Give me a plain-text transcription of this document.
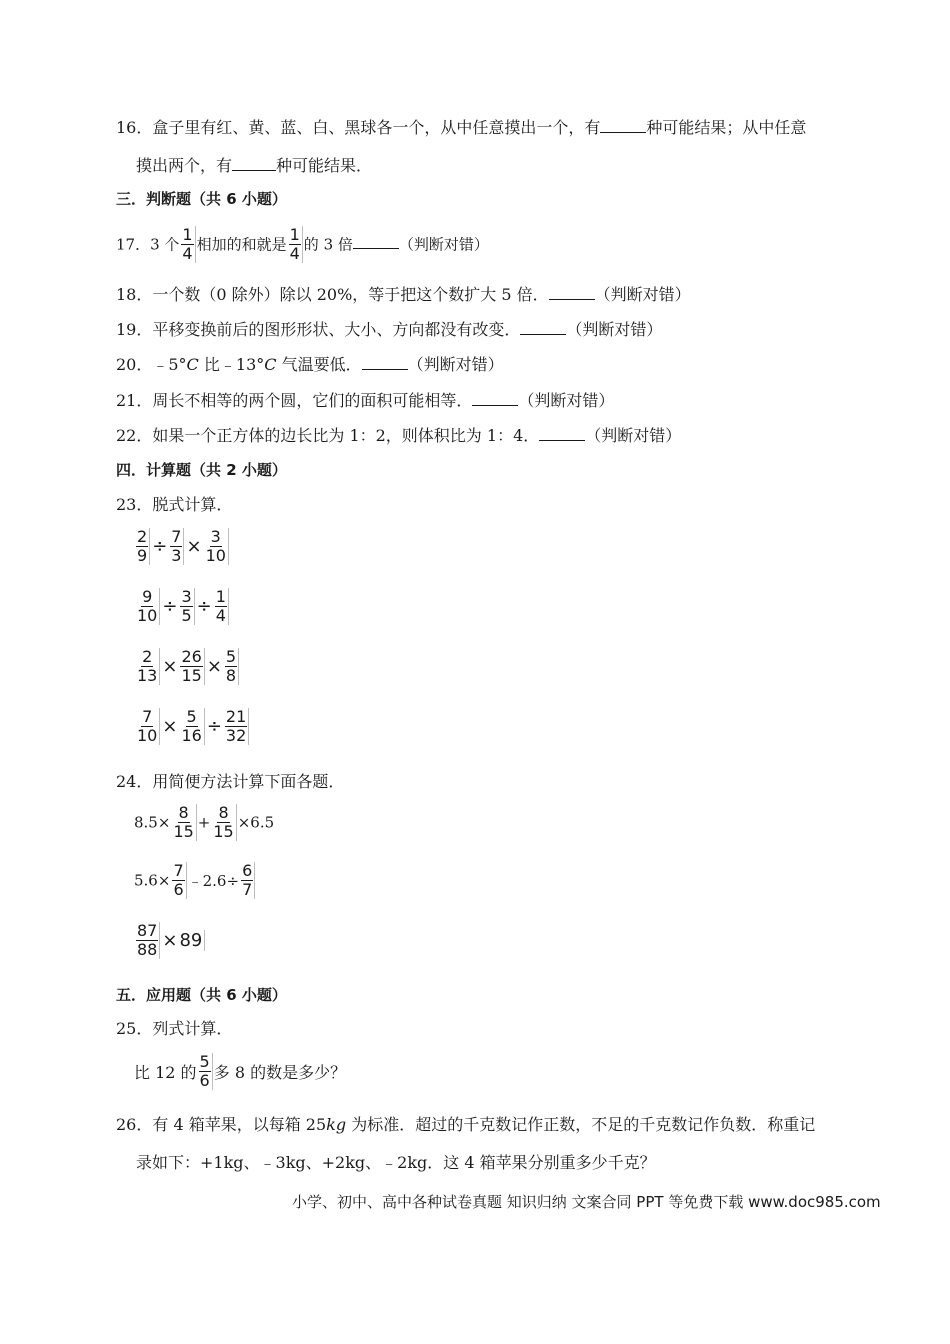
16．盒子里有红、黄、蓝、白、黑球各一个，从中任意摸出一个，有	种可能结果；从中任意
摸出两个，有	种可能结果．
三．判断题（共 6 小题）
17．3 个 $\frac{1}{4}$ 相加的和就是 $\frac{1}{4}$ 的 3 倍	（判断对错）
18．一个数（0 除外）除以 20%，等于把这个数扩大 5 倍．	（判断对错）
19．平移变换前后的图形形状、大小、方向都没有改变．	（判断对错）
20．﹣5°C 比﹣13°C 气温要低．	（判断对错）
21．周长不相等的两个圆，它们的面积可能相等．	（判断对错）
22．如果一个正方体的边长比为 1：2，则体积比为 1：4．	（判断对错）
四．计算题（共 2 小题）
23．脱式计算．
$\frac{2}{9} \div \frac{7}{3} \times \frac{3}{10}$
$\frac{9}{10} \div \frac{3}{5} \div \frac{1}{4}$
$\frac{2}{13} \times \frac{26}{15} \times \frac{5}{8}$
$\frac{7}{10} \times \frac{5}{16} \div \frac{21}{32}$
24．用简便方法计算下面各题．
$8.5\times \frac{8}{15} + \frac{8}{15} \times 6.5$
$5.6\times \frac{7}{6}$ ﹣2.6÷ $\frac{6}{7}$
$\frac{87}{88} \times 89$
五．应用题（共 6 小题）
25．列式计算．
比 12 的 $\frac{5}{6}$ 多 8 的数是多少？
26．有 4 箱苹果，以每箱 25kg 为标准．超过的千克数记作正数，不足的千克数记作负数．称重记
录如下：+1kg、﹣3kg、+2kg、﹣2kg．这 4 箱苹果分别重多少千克？
小学、初中、高中各种试卷真题 知识归纳 文案合同 PPT 等免费下载 www.doc985.com
